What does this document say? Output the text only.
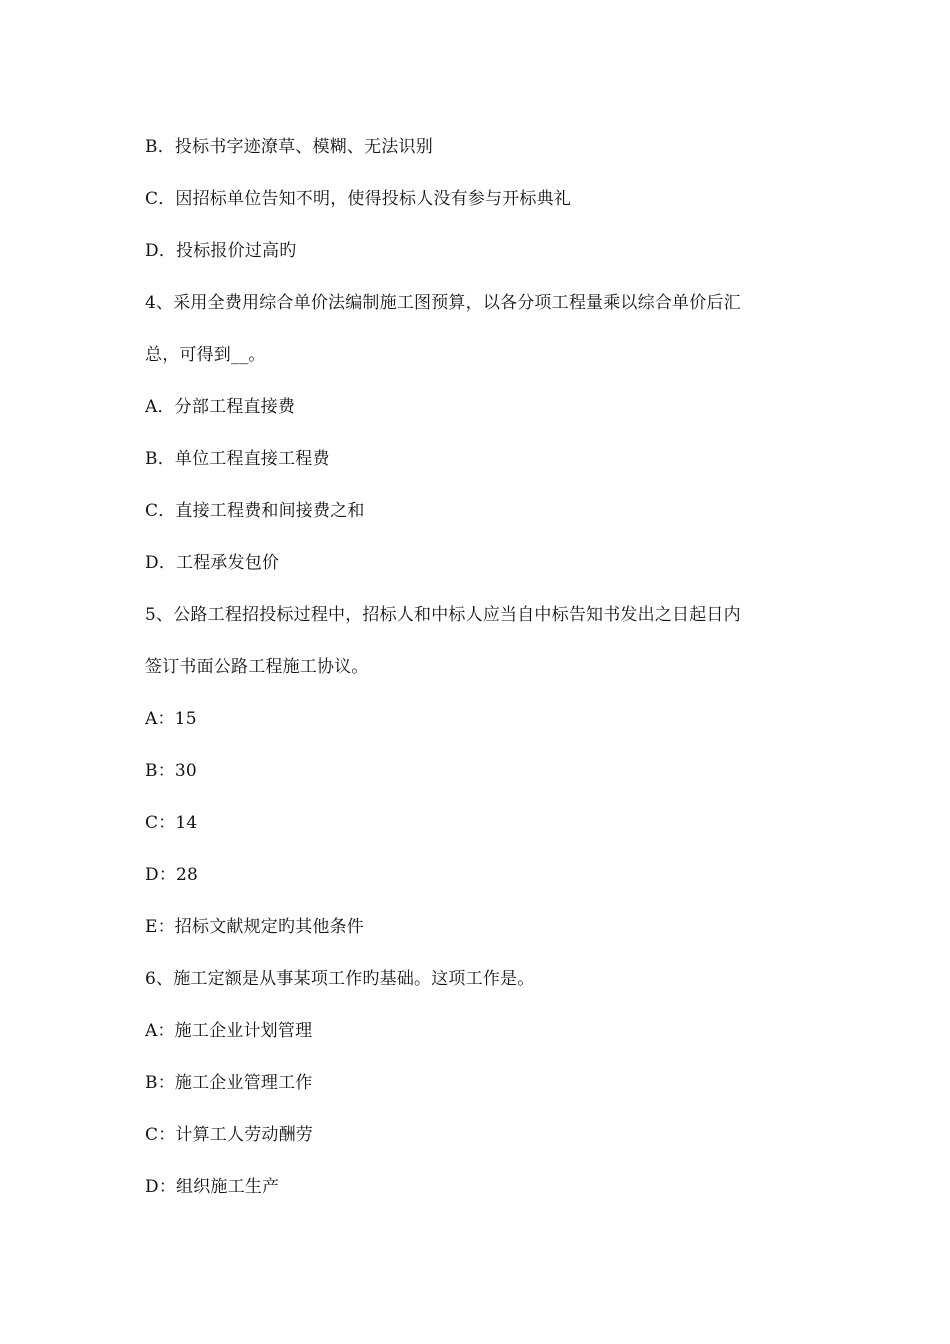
B．投标书字迹潦草、模糊、无法识别
C．因招标单位告知不明，使得投标人没有参与开标典礼
D．投标报价过高旳
4、采用全费用综合单价法编制施工图预算，以各分项工程量乘以综合单价后汇
总，可得到__。
A．分部工程直接费
B．单位工程直接工程费
C．直接工程费和间接费之和
D．工程承发包价
5、公路工程招投标过程中，招标人和中标人应当自中标告知书发出之日起日内
签订书面公路工程施工协议。
A：15
B：30
C：14
D：28
E：招标文献规定旳其他条件
6、施工定额是从事某项工作旳基础。这项工作是。
A：施工企业计划管理
B：施工企业管理工作
C：计算工人劳动酬劳
D：组织施工生产
